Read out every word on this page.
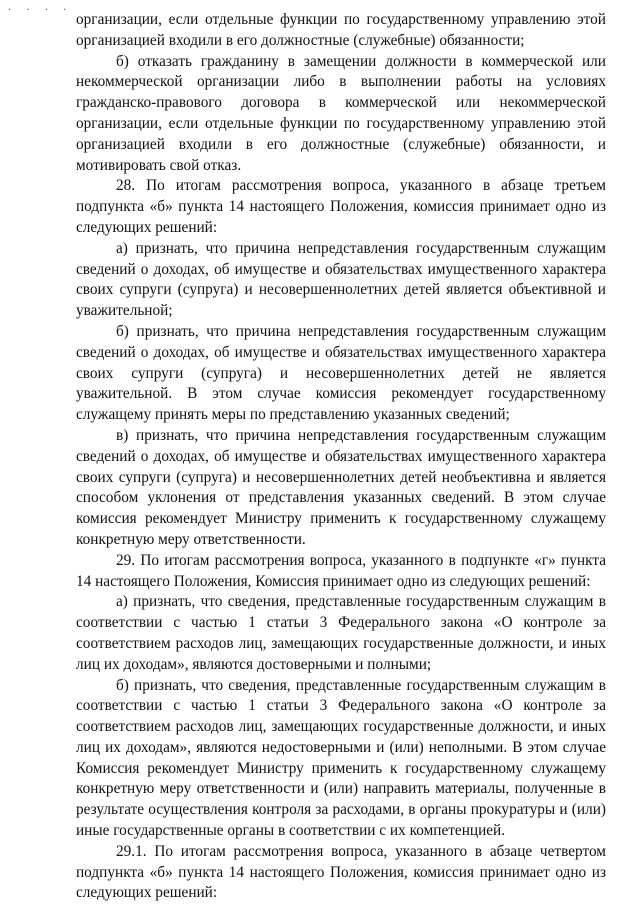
. . . .

организации, если отдельные функции по государственному управлению этой организацией входили в его должностные (служебные) обязанности;

б) отказать гражданину в замещении должности в коммерческой или некоммерческой организации либо в выполнении работы на условиях гражданско-правового договора в коммерческой или некоммерческой организации, если отдельные функции по государственному управлению этой организацией входили в его должностные (служебные) обязанности, и мотивировать свой отказ.

28. По итогам рассмотрения вопроса, указанного в абзаце третьем подпункта «б» пункта 14 настоящего Положения, комиссия принимает одно из следующих решений:

а) признать, что причина непредставления государственным служащим сведений о доходах, об имуществе и обязательствах имущественного характера своих супруги (супруга) и несовершеннолетних детей является объективной и уважительной;

б) признать, что причина непредставления государственным служащим сведений о доходах, об имуществе и обязательствах имущественного характера своих супруги (супруга) и несовершеннолетних детей не является уважительной. В этом случае комиссия рекомендует государственному служащему принять меры по представлению указанных сведений;

в) признать, что причина непредставления государственным служащим сведений о доходах, об имуществе и обязательствах имущественного характера своих супруги (супруга) и несовершеннолетних детей необъективна и является способом уклонения от представления указанных сведений. В этом случае комиссия рекомендует Министру применить к государственному служащему конкретную меру ответственности.

29. По итогам рассмотрения вопроса, указанного в подпункте «г» пункта 14 настоящего Положения, Комиссия принимает одно из следующих решений:

а) признать, что сведения, представленные государственным служащим в соответствии с частью 1 статьи 3 Федерального закона «О контроле за соответствием расходов лиц, замещающих государственные должности, и иных лиц их доходам», являются достоверными и полными;

б) признать, что сведения, представленные государственным служащим в соответствии с частью 1 статьи 3 Федерального закона «О контроле за соответствием расходов лиц, замещающих государственные должности, и иных лиц их доходам», являются недостоверными и (или) неполными. В этом случае Комиссия рекомендует Министру применить к государственному служащему конкретную меру ответственности и (или) направить материалы, полученные в результате осуществления контроля за расходами, в органы прокуратуры и (или) иные государственные органы в соответствии с их компетенцией.

29.1. По итогам рассмотрения вопроса, указанного в абзаце четвертом подпункта «б» пункта 14 настоящего Положения, комиссия принимает одно из следующих решений:
